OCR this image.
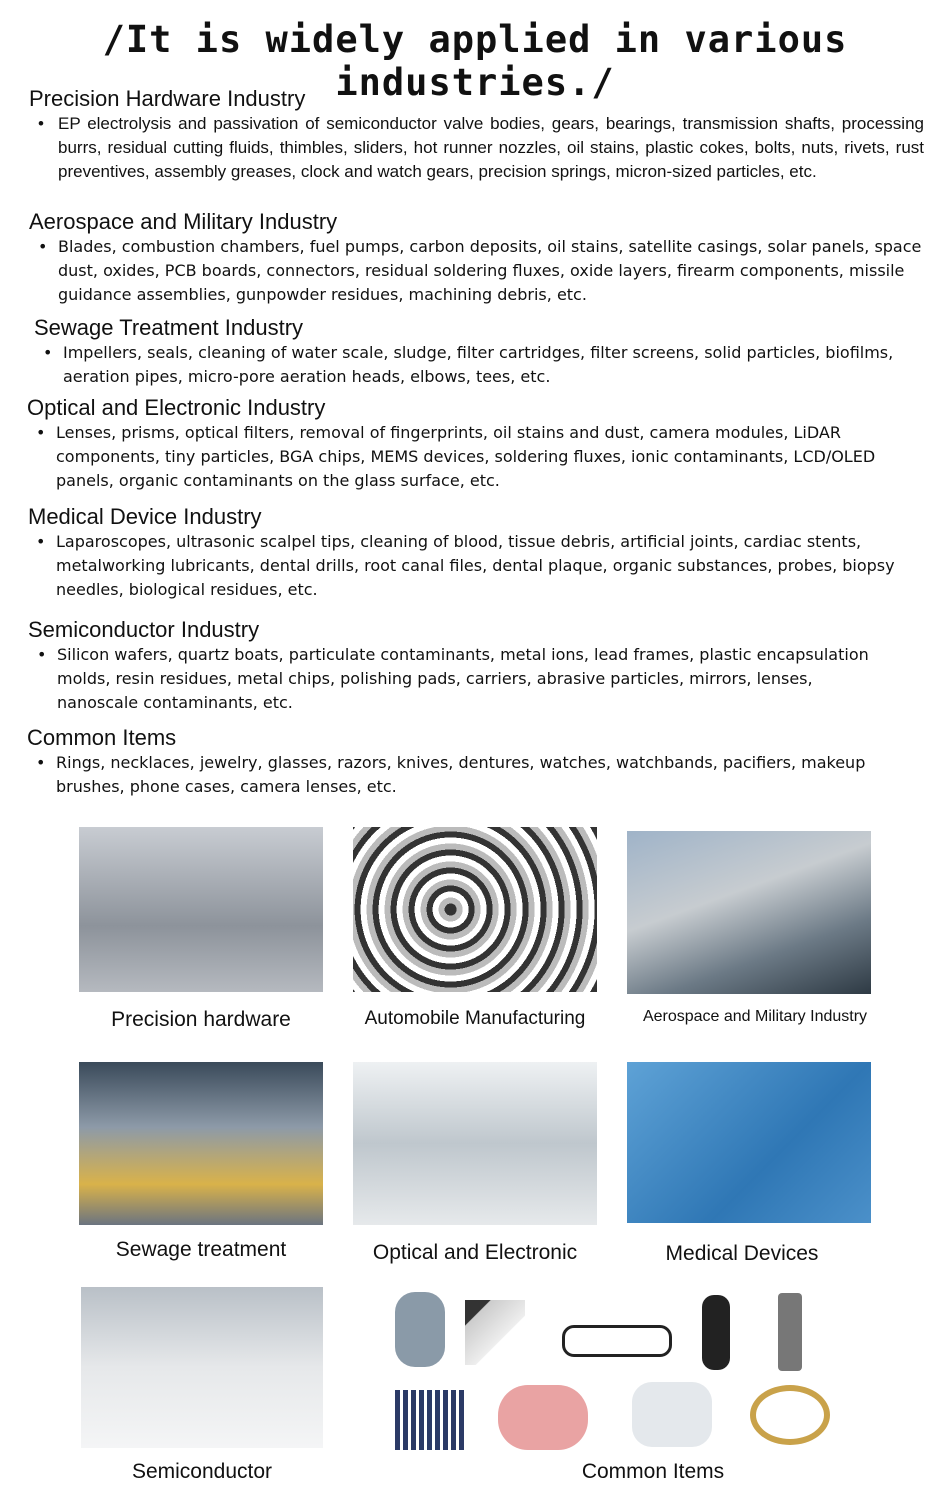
/It is widely applied in various industries./
Precision Hardware Industry
• EP electrolysis and passivation of semiconductor valve bodies, gears, bearings, transmission shafts, processing burrs, residual cutting fluids, thimbles, sliders, hot runner nozzles, oil stains, plastic cokes, bolts, nuts, rivets, rust preventives, assembly greases, clock and watch gears, precision springs, micron-sized particles, etc.
Aerospace and Military Industry
• Blades, combustion chambers, fuel pumps, carbon deposits, oil stains, satellite casings, solar panels, space dust, oxides, PCB boards, connectors, residual soldering fluxes, oxide layers, firearm components, missile guidance assemblies, gunpowder residues, machining debris, etc.
Sewage Treatment Industry
• Impellers, seals, cleaning of water scale, sludge, filter cartridges, filter screens, solid particles, biofilms, aeration pipes, micro-pore aeration heads, elbows, tees, etc.
Optical and Electronic Industry
• Lenses, prisms, optical filters, removal of fingerprints, oil stains and dust, camera modules, LiDAR components, tiny particles, BGA chips, MEMS devices, soldering fluxes, ionic contaminants, LCD/OLED panels, organic contaminants on the glass surface, etc.
Medical Device Industry
• Laparoscopes, ultrasonic scalpel tips, cleaning of blood, tissue debris, artificial joints, cardiac stents, metalworking lubricants, dental drills, root canal files, dental plaque, organic substances, probes, biopsy needles, biological residues, etc.
Semiconductor Industry
• Silicon wafers, quartz boats, particulate contaminants, metal ions, lead frames, plastic encapsulation molds, resin residues, metal chips, polishing pads, carriers, abrasive particles, mirrors, lenses, nanoscale contaminants, etc.
Common Items
• Rings, necklaces, jewelry, glasses, razors, knives, dentures, watches, watchbands, pacifiers, makeup brushes, phone cases, camera lenses, etc.
Precision hardware	Automobile Manufacturing	Aerospace and Military Industry
Sewage treatment	Optical and Electronic	Medical Devices
Semiconductor	Common Items
